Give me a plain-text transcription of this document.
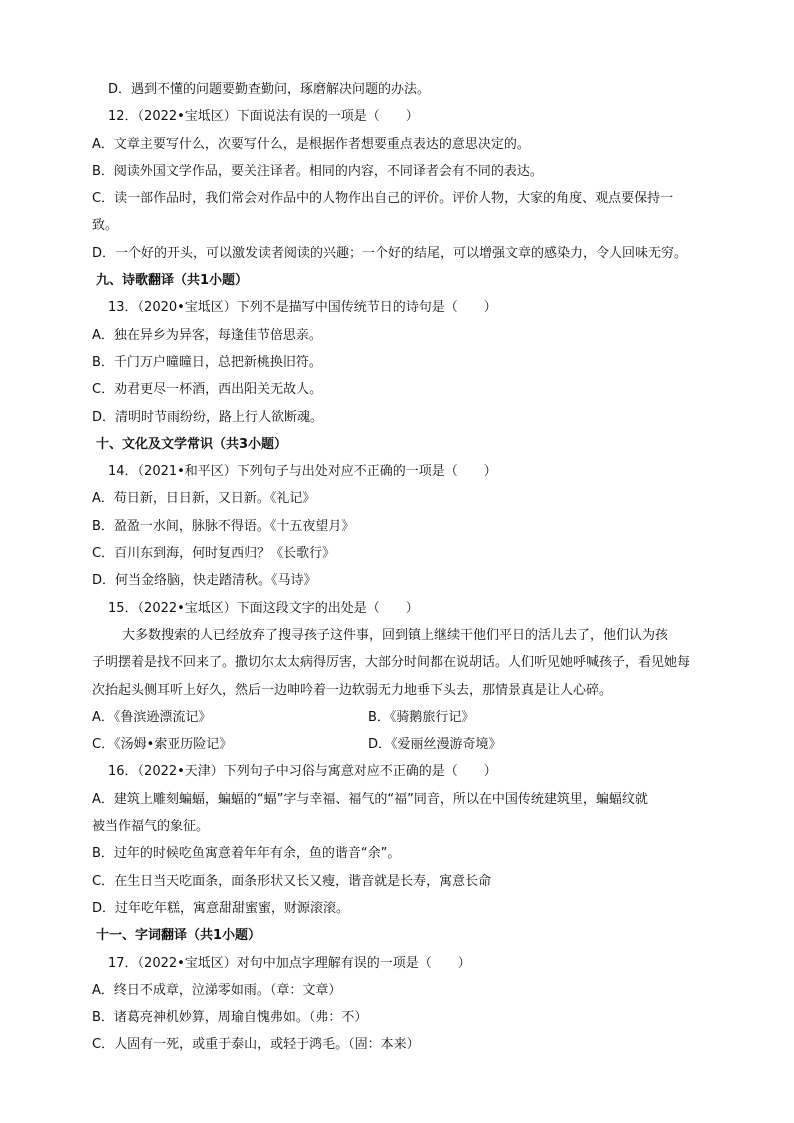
D．遇到不懂的问题要勤查勤问，琢磨解决问题的办法。
12．（2022•宝坻区）下面说法有误的一项是（　　）
A．文章主要写什么，次要写什么，是根据作者想要重点表达的意思决定的。
B．阅读外国文学作品，要关注译者。相同的内容，不同译者会有不同的表达。
C．读一部作品时，我们常会对作品中的人物作出自己的评价。评价人物，大家的角度、观点要保持一
致。
D．一个好的开头，可以激发读者阅读的兴趣；一个好的结尾，可以增强文章的感染力，令人回味无穷。
九、诗歌翻译（共1小题）
13．（2020•宝坻区）下列不是描写中国传统节日的诗句是（　　）
A．独在异乡为异客，每逢佳节倍思亲。
B．千门万户曈曈日，总把新桃换旧符。
C．劝君更尽一杯酒，西出阳关无故人。
D．清明时节雨纷纷，路上行人欲断魂。
十、文化及文学常识（共3小题）
14．（2021•和平区）下列句子与出处对应不正确的一项是（　　）
A．苟日新，日日新，又日新。《礼记》
B．盈盈一水间，脉脉不得语。《十五夜望月》
C．百川东到海，何时复西归？《长歌行》
D．何当金络脑，快走踏清秋。《马诗》
15．（2022•宝坻区）下面这段文字的出处是（　　）
大多数搜索的人已经放弃了搜寻孩子这件事，回到镇上继续干他们平日的活儿去了，他们认为孩
子明摆着是找不回来了。撒切尔太太病得厉害，大部分时间都在说胡话。人们听见她呼喊孩子，看见她每
次抬起头侧耳听上好久，然后一边呻吟着一边软弱无力地垂下头去，那情景真是让人心碎。
A．《鲁滨逊漂流记》	B．《骑鹅旅行记》
C．《汤姆•索亚历险记》	D．《爱丽丝漫游奇境》
16．（2022•天津）下列句子中习俗与寓意对应不正确的是（　　）
A．建筑上雕刻蝙蝠，蝙蝠的“蝠”字与幸福、福气的“福”同音，所以在中国传统建筑里，蝙蝠纹就
被当作福气的象征。
B．过年的时候吃鱼寓意着年年有余，鱼的谐音“余”。
C．在生日当天吃面条，面条形状又长又瘦，谐音就是长寿，寓意长命
D．过年吃年糕，寓意甜甜蜜蜜，财源滚滚。
十一、字词翻译（共1小题）
17．（2022•宝坻区）对句中加点字理解有误的一项是（　　）
A．终日不成章，泣涕零如雨。（章：文章）
B．诸葛亮神机妙算，周瑜自愧弗如。（弗：不）
C．人固有一死，或重于泰山，或轻于鸿毛。（固：本来）
